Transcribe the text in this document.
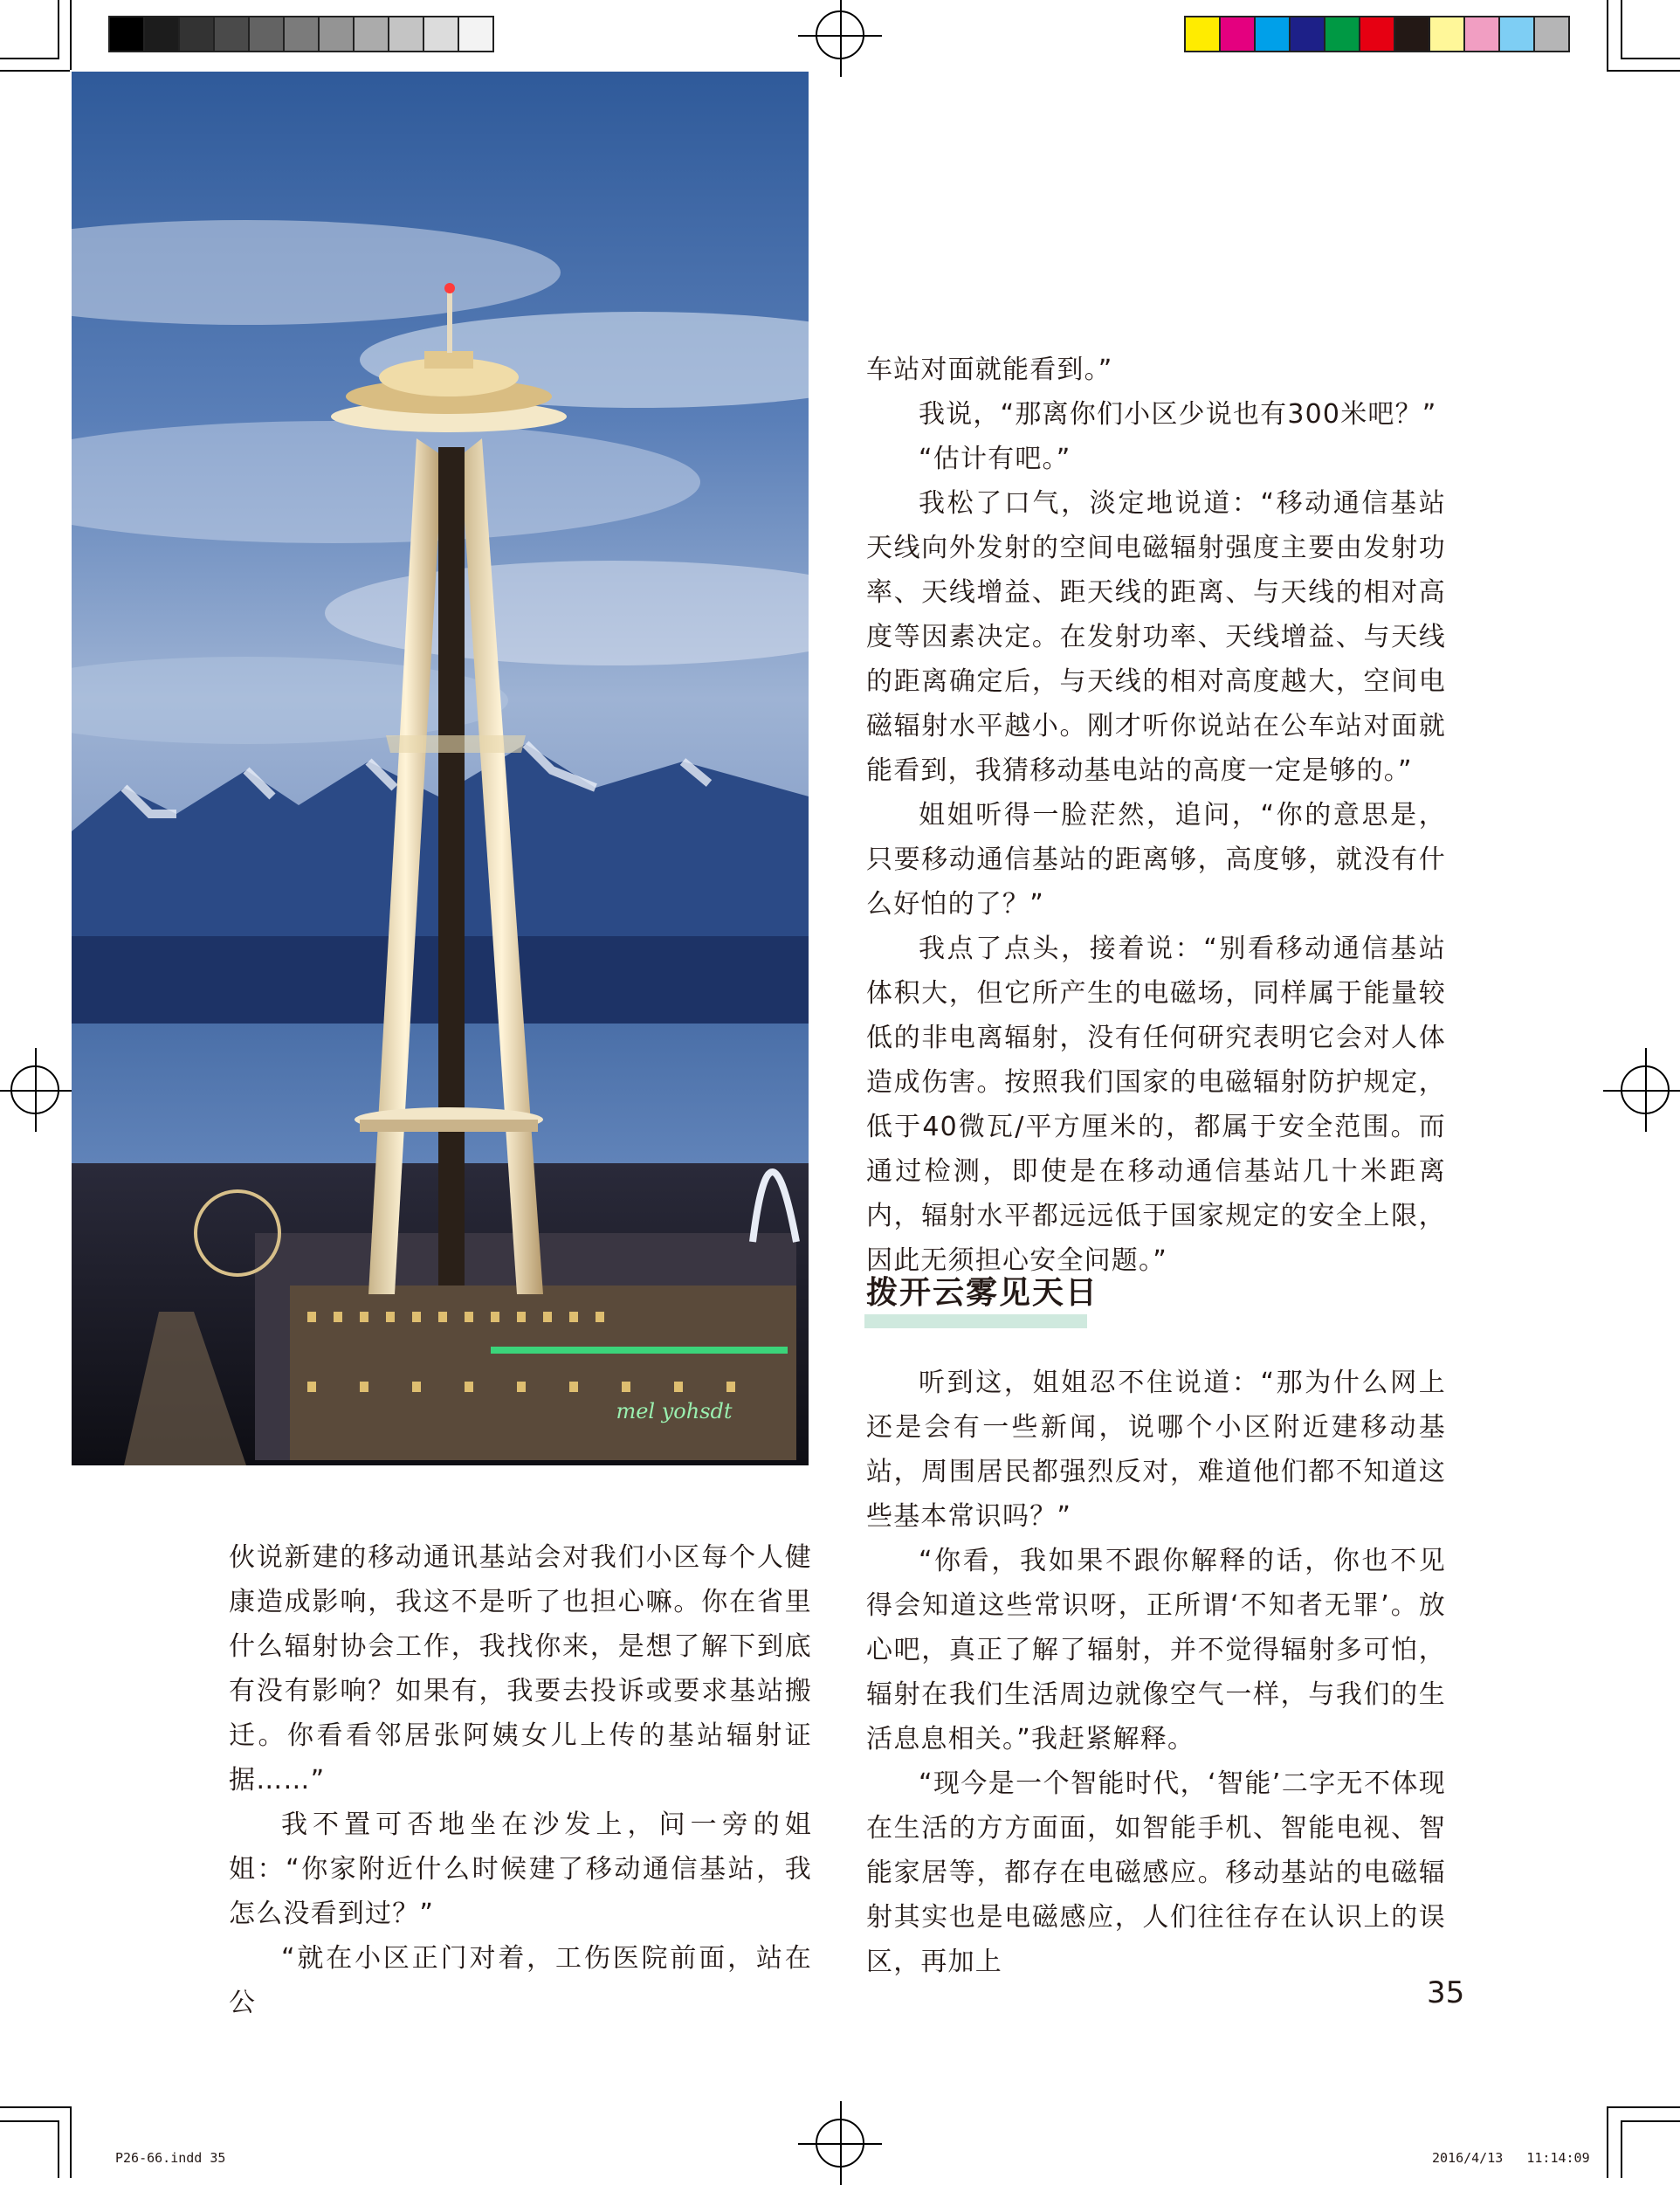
mel yohsdt

伙说新建的移动通讯基站会对我们小区每个人健康造成影响，我这不是听了也担心嘛。你在省里什么辐射协会工作，我找你来，是想了解下到底有没有影响？如果有，我要去投诉或要求基站搬迁。你看看邻居张阿姨女儿上传的基站辐射证据……”

我不置可否地坐在沙发上，问一旁的姐姐：“你家附近什么时候建了移动通信基站，我怎么没看到过？”

“就在小区正门对着，工伤医院前面，站在公

车站对面就能看到。”

我说，“那离你们小区少说也有300米吧？”

“估计有吧。”

我松了口气，淡定地说道：“移动通信基站天线向外发射的空间电磁辐射强度主要由发射功率、天线增益、距天线的距离、与天线的相对高度等因素决定。在发射功率、天线增益、与天线的距离确定后，与天线的相对高度越大，空间电磁辐射水平越小。刚才听你说站在公车站对面就能看到，我猜移动基电站的高度一定是够的。”

姐姐听得一脸茫然，追问，“你的意思是，只要移动通信基站的距离够，高度够，就没有什么好怕的了？”

我点了点头，接着说：“别看移动通信基站体积大，但它所产生的电磁场，同样属于能量较低的非电离辐射，没有任何研究表明它会对人体造成伤害。按照我们国家的电磁辐射防护规定，低于40微瓦/平方厘米的，都属于安全范围。而通过检测，即使是在移动通信基站几十米距离内，辐射水平都远远低于国家规定的安全上限，因此无须担心安全问题。”

拨开云雾见天日

听到这，姐姐忍不住说道：“那为什么网上还是会有一些新闻，说哪个小区附近建移动基站，周围居民都强烈反对，难道他们都不知道这些基本常识吗？”

“你看，我如果不跟你解释的话，你也不见得会知道这些常识呀，正所谓‘不知者无罪’。放心吧，真正了解了辐射，并不觉得辐射多可怕，辐射在我们生活周边就像空气一样，与我们的生活息息相关。”我赶紧解释。

“现今是一个智能时代，‘智能’二字无不体现在生活的方方面面，如智能手机、智能电视、智能家居等，都存在电磁感应。移动基站的电磁辐射其实也是电磁感应，人们往往存在认识上的误区，再加上

35
P26-66.indd 35	2016/4/13   11:14:09
